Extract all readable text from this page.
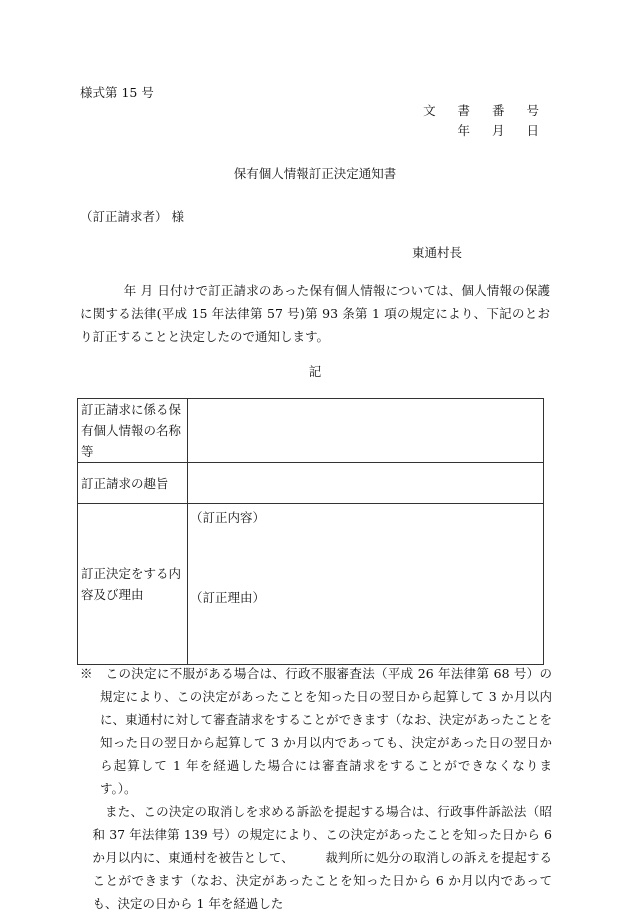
様式第 15 号
文 書 番 号
年 月 日
保有個人情報訂正決定通知書
（訂正請求者） 様
東通村長
年 月 日付けで訂正請求のあった保有個人情報については、個人情報の保護に関する法律(平成 15 年法律第 57 号)第 93 条第 1 項の規定により、下記のとおり訂正することと決定したので通知します。
記
訂正請求に係る保有個人情報の名称等	
訂正請求の趣旨	
訂正決定をする内容及び理由	（訂正内容）
（訂正理由）

※　この決定に不服がある場合は、行政不服審査法（平成 26 年法律第 68 号）の規定により、この決定があったことを知った日の翌日から起算して 3 か月以内に、東通村に対して審査請求をすることができます（なお、決定があったことを知った日の翌日から起算して 3 か月以内であっても、決定があった日の翌日から起算して 1 年を経過した場合には審査請求をすることができなくなります。）。

また、この決定の取消しを求める訴訟を提起する場合は、行政事件訴訟法（昭和 37 年法律第 139 号）の規定により、この決定があったことを知った日から 6 か月以内に、東通村を被告として、　　　裁判所に処分の取消しの訴えを提起することができます（なお、決定があったことを知った日から 6 か月以内であっても、決定の日から 1 年を経過した
